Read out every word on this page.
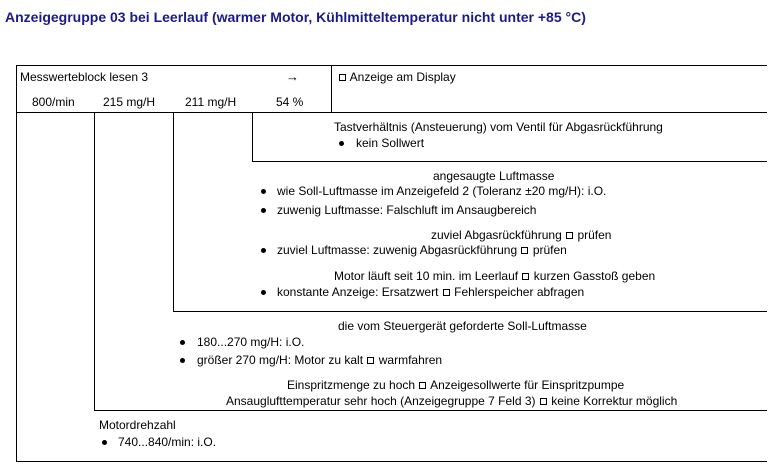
Anzeigegruppe 03 bei Leerlauf (warmer Motor, Kühlmitteltemperatur nicht unter +85 °C)
Messwerteblock lesen 3	→	Anzeige am Display
800/min 215 mg/H 211 mg/H	54 %
Tastverhältnis (Ansteuerung) vom Ventil für Abgasrückführung
kein Sollwert
angesaugte Luftmasse
wie Soll-Luftmasse im Anzeigefeld 2 (Toleranz ±20 mg/H): i.O.
zuwenig Luftmasse: Falschluft im Ansaugbereich
zuviel Abgasrückführung prüfen
zuviel Luftmasse: zuwenig Abgasrückführung prüfen
Motor läuft seit 10 min. im Leerlauf kurzen Gasstoß geben
konstante Anzeige: Ersatzwert Fehlerspeicher abfragen
die vom Steuergerät geforderte Soll-Luftmasse
180...270 mg/H: i.O.
größer 270 mg/H: Motor zu kalt warmfahren
Einspritzmenge zu hoch Anzeigesollwerte für Einspritzpumpe
Ansauglufttemperatur sehr hoch (Anzeigegruppe 7 Feld 3) keine Korrektur möglich
Motordrehzahl
740...840/min: i.O.
